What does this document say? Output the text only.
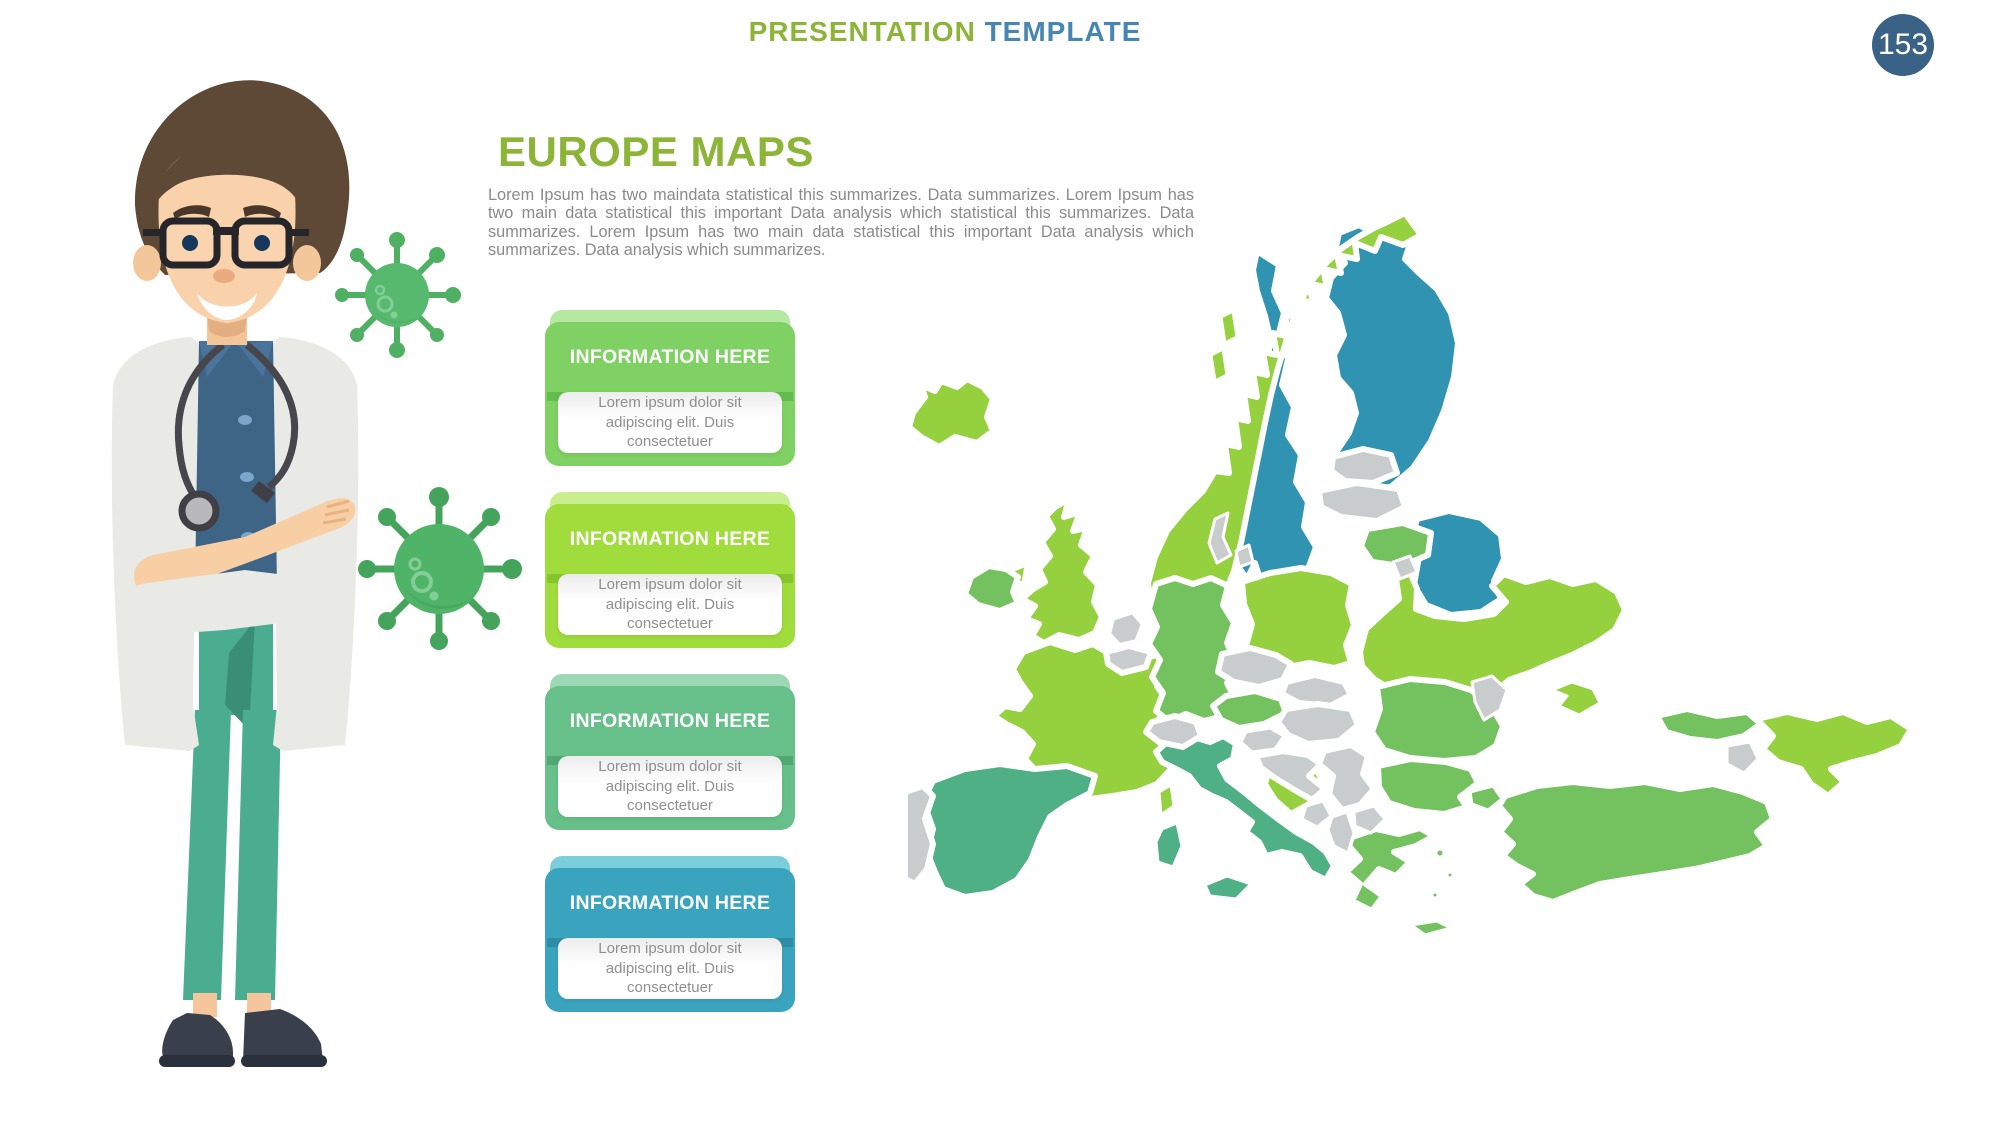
PRESENTATION TEMPLATE	153
EUROPE MAPS
Lorem Ipsum has two maindata statistical this summarizes. Data summarizes. Lorem Ipsum has two main data statistical this important Data analysis which statistical this summarizes. Data summarizes. Lorem Ipsum has two main data statistical this important Data analysis which summarizes. Data analysis which summarizes.
Lorem ipsum dolor sit adipiscing elit. Duis consectetuer
INFORMATION HERE
Lorem ipsum dolor sit adipiscing elit. Duis consectetuer
INFORMATION HERE
Lorem ipsum dolor sit adipiscing elit. Duis consectetuer
INFORMATION HERE
Lorem ipsum dolor sit adipiscing elit. Duis consectetuer
INFORMATION HERE
